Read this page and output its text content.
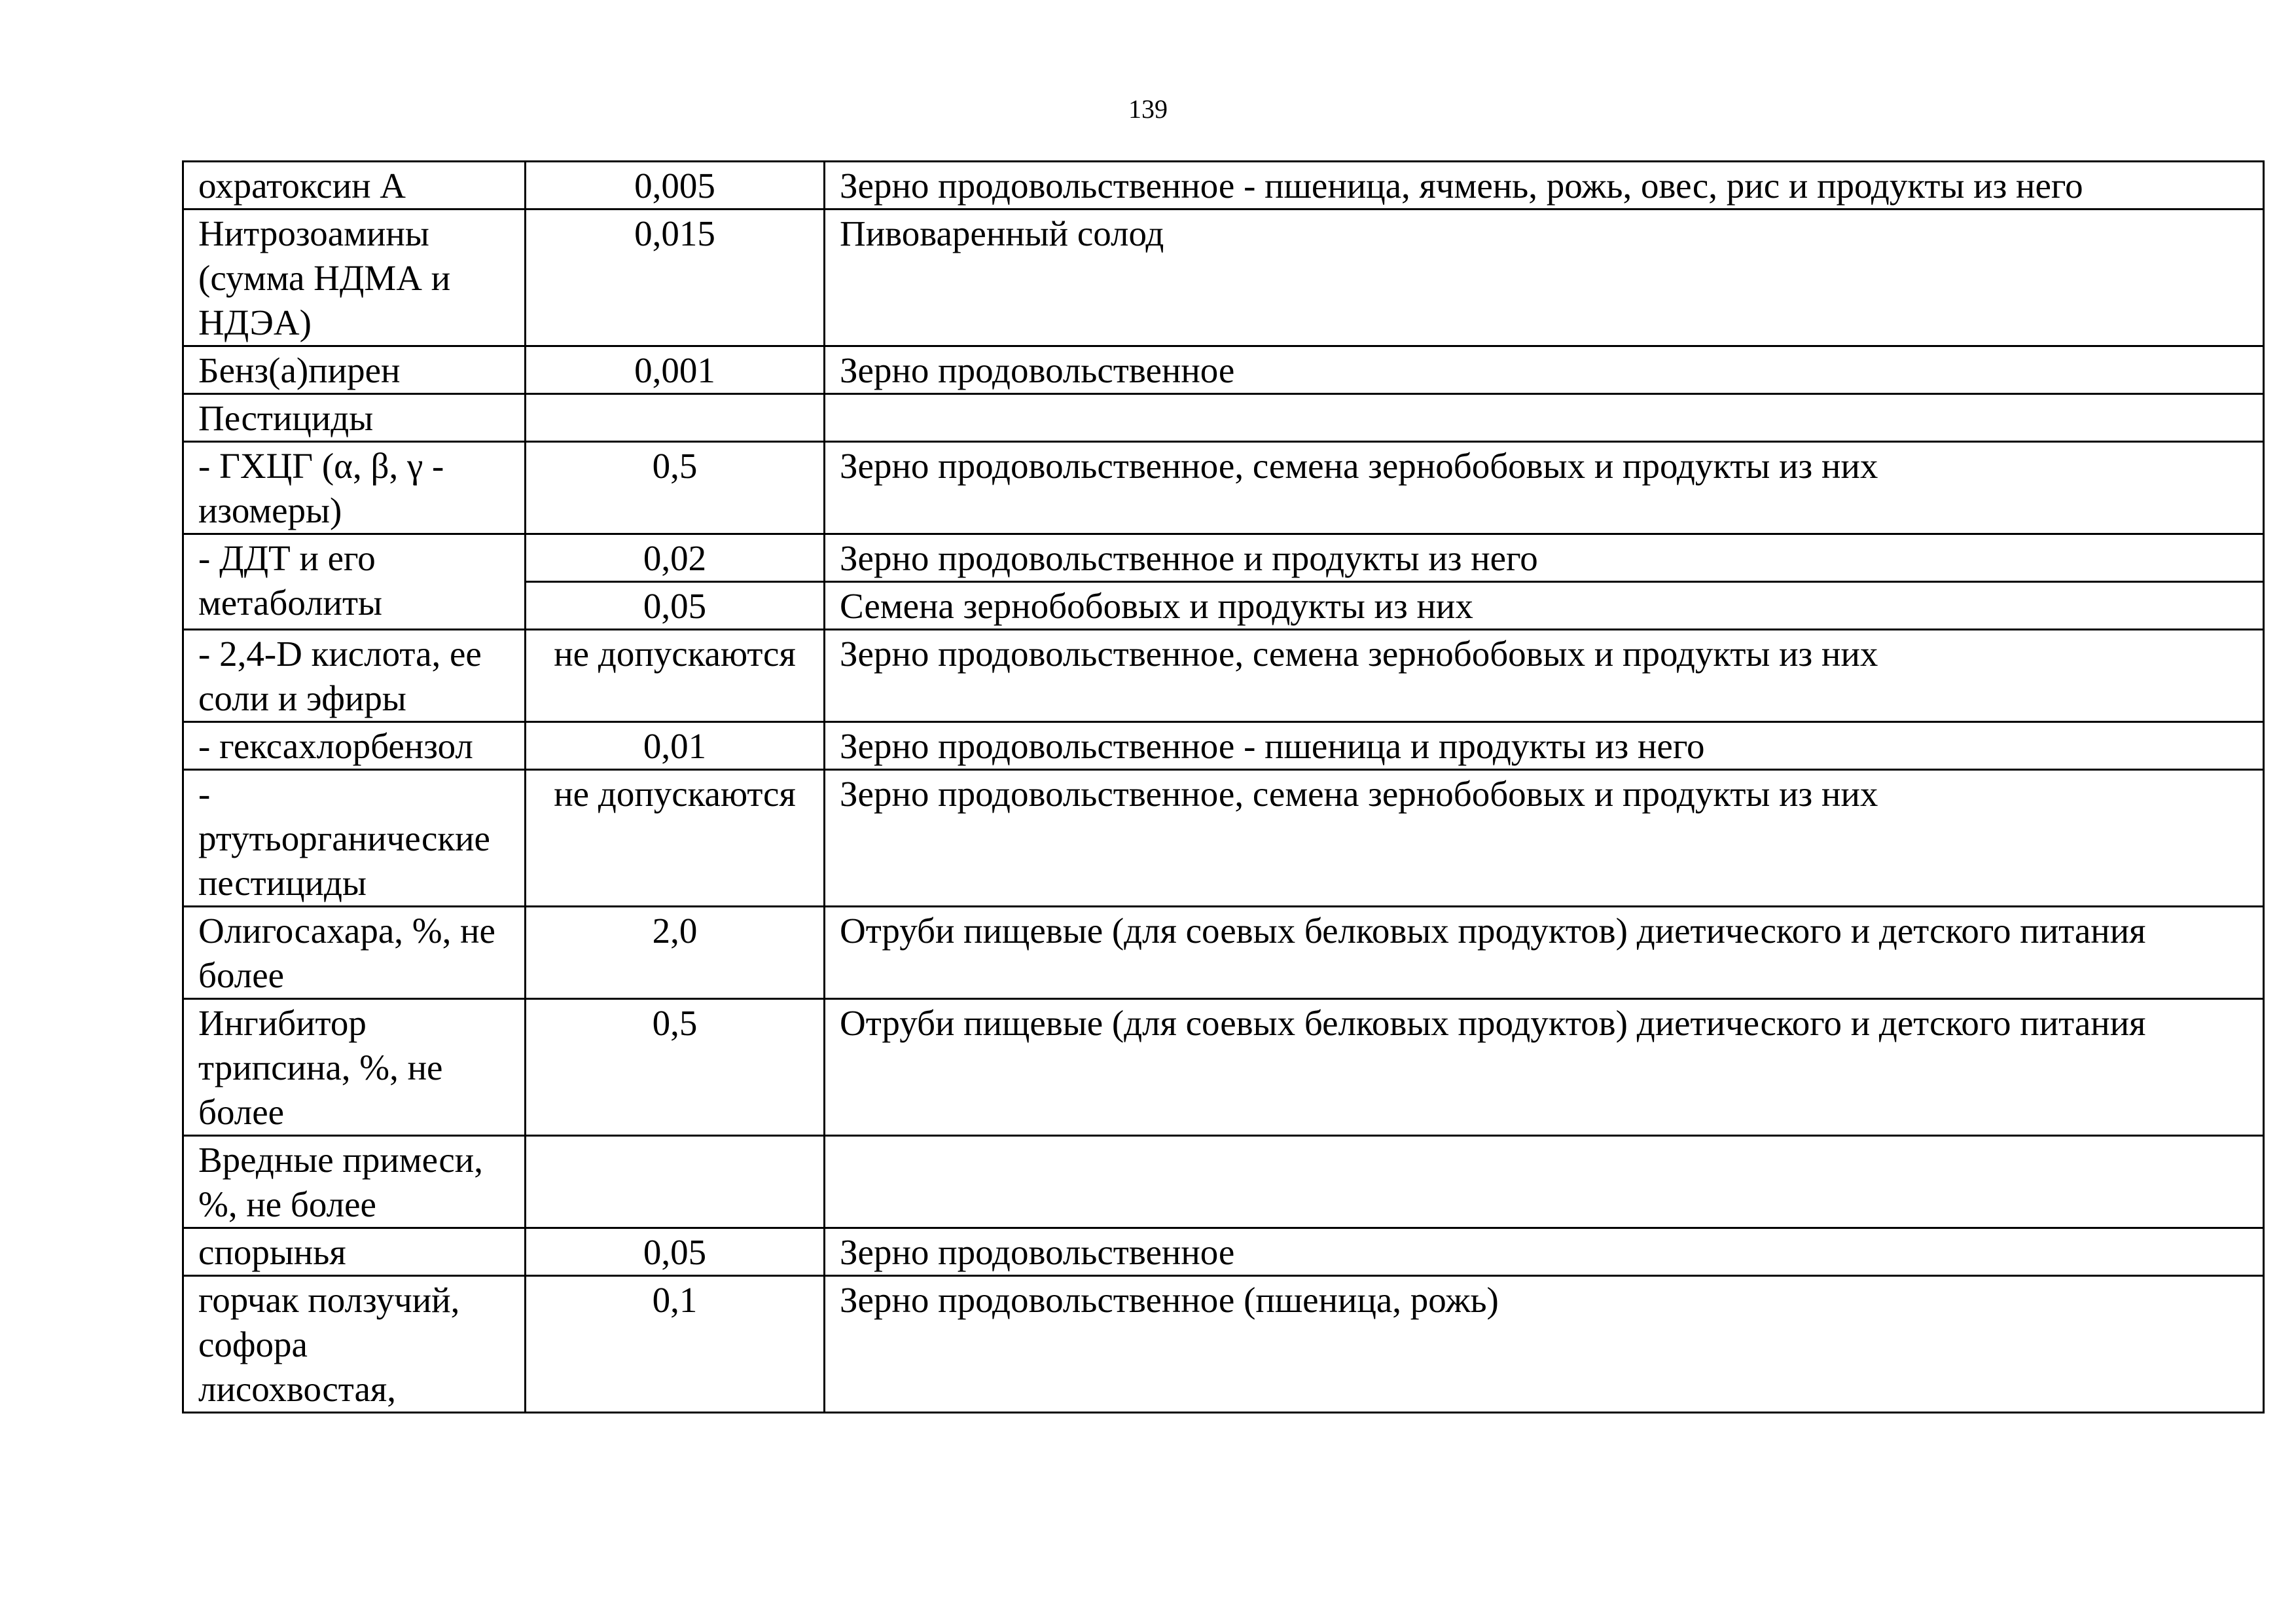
139
охратоксин А	0,005	Зерно продовольственное - пшеница, ячмень, рожь, овес, рис и продукты из него
Нитрозоамины (сумма НДМА и НДЭА)	0,015	Пивоваренный солод
Бенз(а)пирен	0,001	Зерно продовольственное
Пестициды		
- ГХЦГ (α, β, γ - изомеры)	0,5	Зерно продовольственное, семена зернобобовых и продукты из них
- ДДТ и его метаболиты	0,02	Зерно продовольственное и продукты из него
	0,05	Семена зернобобовых и продукты из них
- 2,4-D кислота, ее соли и эфиры	не допускаются	Зерно продовольственное, семена зернобобовых и продукты из них
- гексахлорбензол	0,01	Зерно продовольственное - пшеница и продукты из него
- ртутьорганические пестициды	не допускаются	Зерно продовольственное, семена зернобобовых и продукты из них
Олигосахара, %, не более	2,0	Отруби пищевые (для соевых белковых продуктов) диетического и детского питания
Ингибитор трипсина, %, не более	0,5	Отруби пищевые (для соевых белковых продуктов) диетического и детского питания
Вредные примеси, %, не более		
спорынья	0,05	Зерно продовольственное
горчак ползучий, софора лисохвостая,	0,1	Зерно продовольственное (пшеница, рожь)
